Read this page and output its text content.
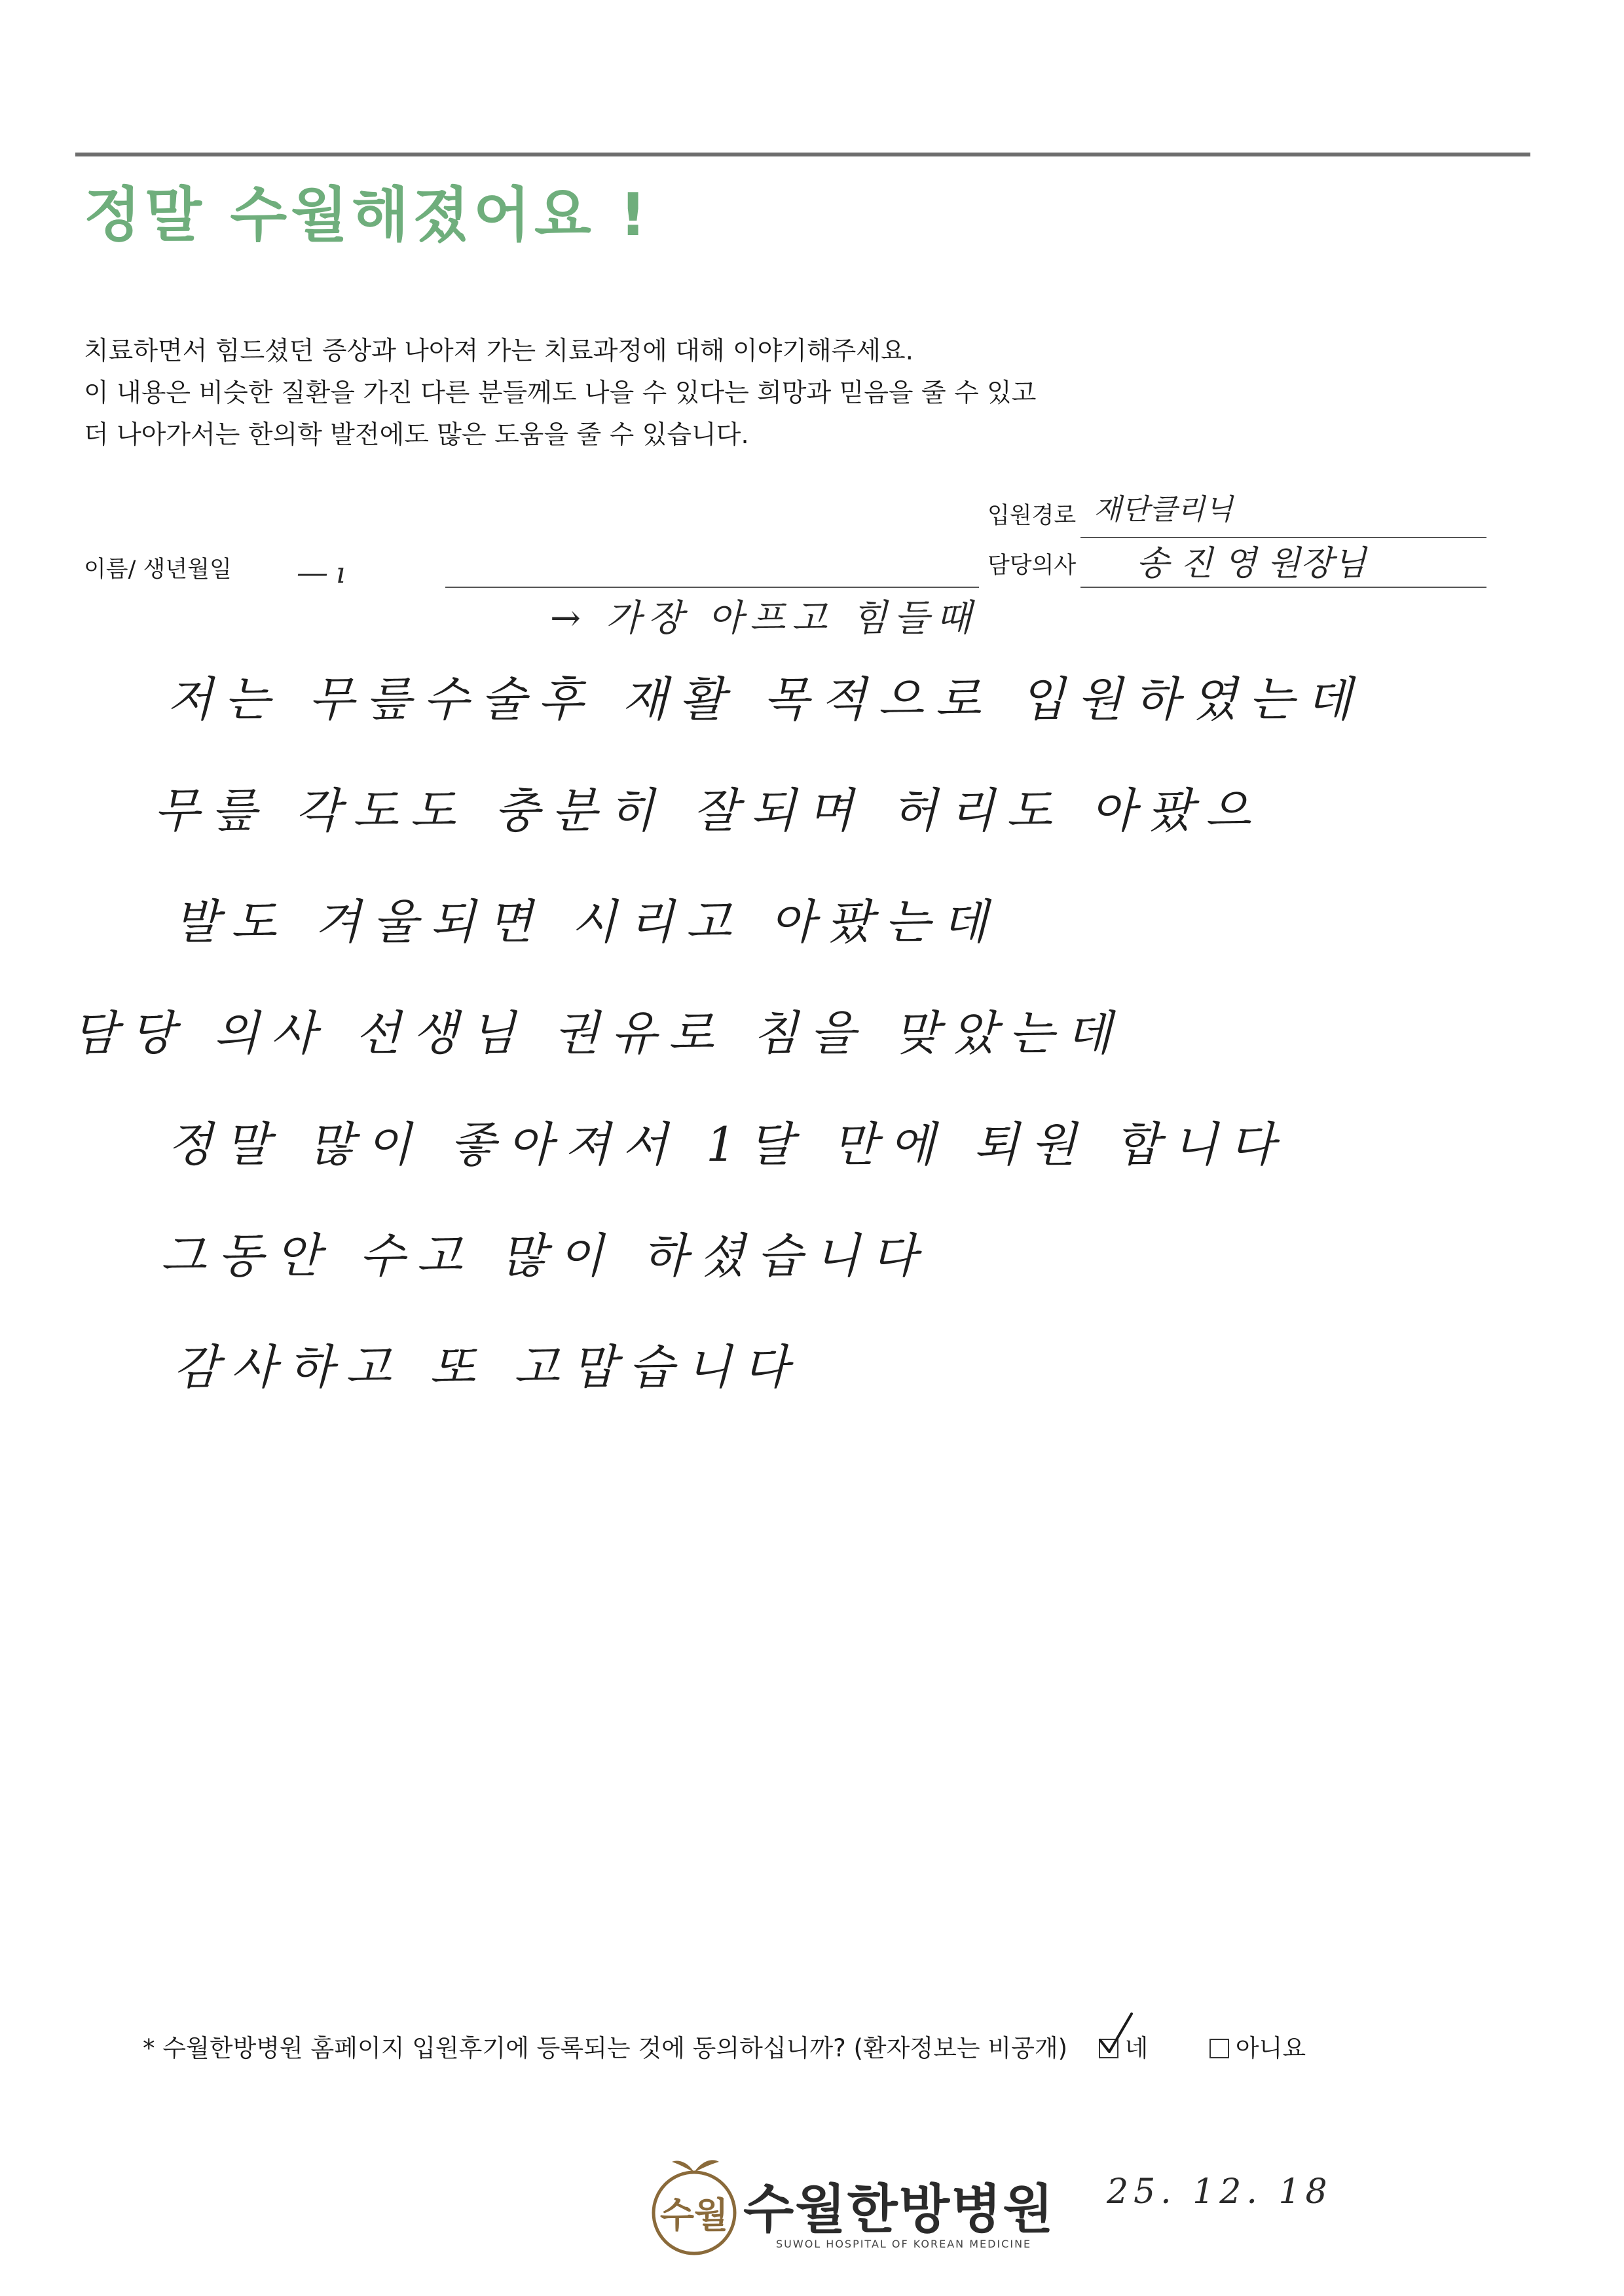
정말 수월해졌어요 !
치료하면서 힘드셨던 증상과 나아져 가는 치료과정에 대해 이야기해주세요.
이 내용은 비슷한 질환을 가진 다른 분들께도 나을 수 있다는 희망과 믿음을 줄 수 있고
더 나아가서는 한의학 발전에도 많은 도움을 줄 수 있습니다.
입원경로 재단클리닉
담당의사 송 진 영 원장님
이름/ 생년월일 ― ı
→ 가장 아프고 힘들때
저는 무릎수술후 재활 목적으로 입원하였는데
무릎 각도도 충분히 잘되며 허리도 아팠으
발도 겨울되면 시리고 아팠는데
담당 의사 선생님 권유로 침을 맞았는데
정말 많이 좋아져서 1달 만에 퇴원 합니다
그동안 수고 많이 하셨습니다
감사하고 또 고맙습니다
* 수월한방병원 홈페이지 입원후기에 등록되는 것에 동의하십니까? (환자정보는 비공개) 네	아니요
수월 수월한방병원
SUWOL HOSPITAL OF KOREAN MEDICINE
25. 12. 18
